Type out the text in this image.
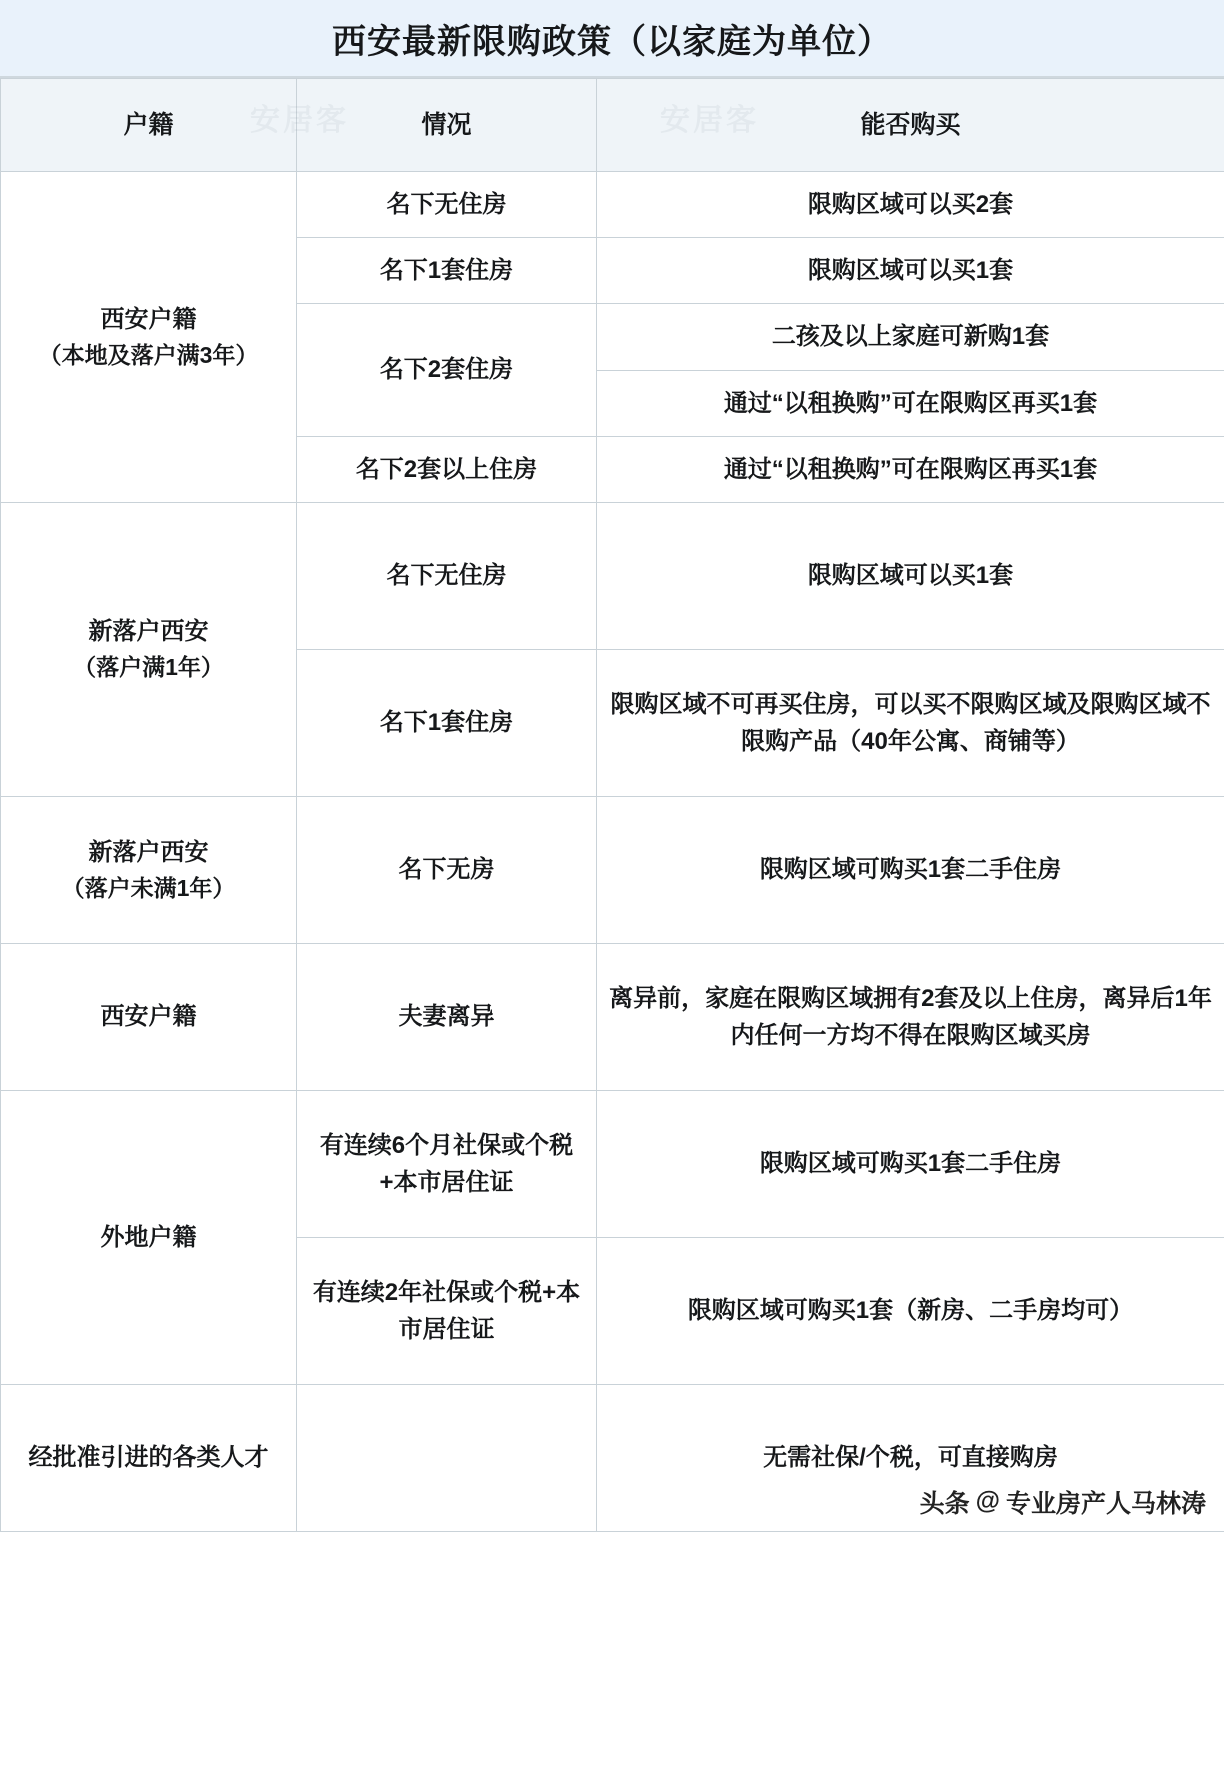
西安最新限购政策（以家庭为单位）
户籍	情况	能否购买
西安户籍
（本地及落户满3年）	名下无住房	限购区域可以买2套
	名下1套住房	限购区域可以买1套
	名下2套住房	二孩及以上家庭可新购1套
		通过“以租换购”可在限购区再买1套
	名下2套以上住房	通过“以租换购”可在限购区再买1套
新落户西安
（落户满1年）	名下无住房	限购区域可以买1套
	名下1套住房	限购区域不可再买住房，可以买不限购区域及限购区域不限购产品（40年公寓、商铺等）
新落户西安
（落户未满1年）	名下无房	限购区域可购买1套二手住房
西安户籍	夫妻离异	离异前，家庭在限购区域拥有2套及以上住房，离异后1年内任何一方均不得在限购区域买房
外地户籍	有连续6个月社保或个税+本市居住证	限购区域可购买1套二手住房
	有连续2年社保或个税+本市居住证	限购区域可购买1套（新房、二手房均可）
经批准引进的各类人才		无需社保/个税，可直接购房
头条 @ 专业房产人马林涛
